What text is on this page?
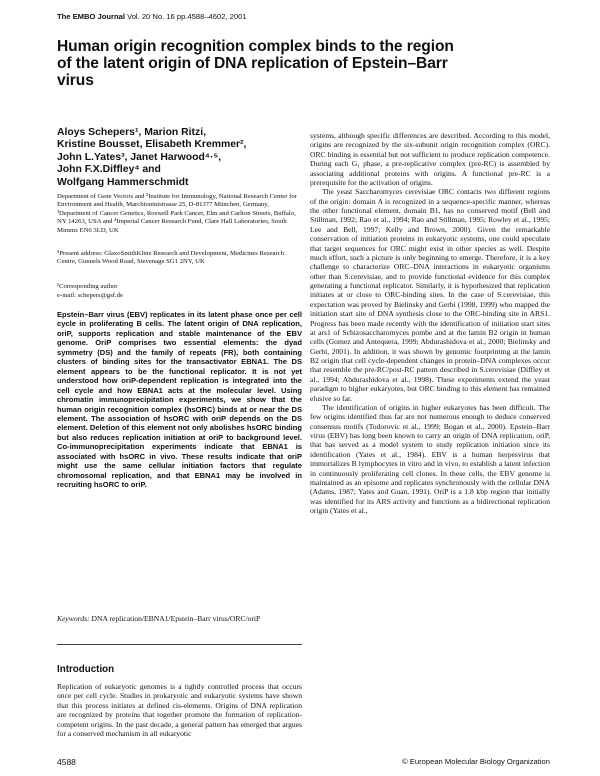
The EMBO Journal Vol. 20 No. 16 pp.4588–4602, 2001
Human origin recognition complex binds to the region of the latent origin of DNA replication of Epstein–Barr virus
Aloys Schepers¹, Marion Ritzi,
Kristine Bousset, Elisabeth Kremmer²,
John L.Yates³, Janet Harwood⁴·⁵,
John F.X.Diffley⁴ and
Wolfgang Hammerschmidt

Department of Gene Vectors and ²Institute for Immunology, National Research Center for Environment and Health, Marchioninistrasse 25, D-81377 München, Germany, ³Department of Cancer Genetics, Roswell Park Cancer, Elm and Carlton Streets, Buffalo, NY 14263, USA and ⁴Imperial Cancer Research Fund, Clare Hall Laboratories, South Mimms EN6 3LD, UK

⁵Present address: GlaxoSmithKline Research and Development, Medicines Research Centre, Gunnels Wood Road, Stevenage SG1 2NY, UK

¹Corresponding author

e-mail: schepers@gsf.de

Epstein–Barr virus (EBV) replicates in its latent phase once per cell cycle in proliferating B cells. The latent origin of DNA replication, oriP, supports replication and stable maintenance of the EBV genome. OriP comprises two essential elements: the dyad symmetry (DS) and the family of repeats (FR), both containing clusters of binding sites for the transactivator EBNA1. The DS element appears to be the functional replicator. It is not yet understood how oriP-dependent replication is integrated into the cell cycle and how EBNA1 acts at the molecular level. Using chromatin immunoprecipitation experiments, we show that the human origin recognition complex (hsORC) binds at or near the DS element. The association of hsORC with oriP depends on the DS element. Deletion of this element not only abolishes hsORC binding but also reduces replication initiation at oriP to background level. Co-immunoprecipitation experiments indicate that EBNA1 is associated with hsORC in vivo. These results indicate that oriP might use the same cellular initiation factors that regulate chromosomal replication, and that EBNA1 may be involved in recruiting hsORC to oriP.

Keywords: DNA replication/EBNA1/Epstein–Barr virus/ORC/oriP

Introduction

Replication of eukaryotic genomes is a tightly controlled process that occurs once per cell cycle. Studies in prokaryotic and eukaryotic systems have shown that this process initiates at defined cis-elements. Origins of DNA replication are recognized by proteins that together promote the formation of replication-competent origins. In the past decade, a general pattern has emerged that argues for a conserved mechanism in all eukaryotic

systems, although specific differences are described. According to this model, origins are recognized by the six-subunit origin recognition complex (ORC). ORC binding is essential but not sufficient to produce replication competence. During each G₁ phase, a pre-replicative complex (pre-RC) is assembled by associating additional proteins with origins. A functional pre-RC is a prerequisite for the activation of origins.

The yeast Saccharomyces cerevisiae ORC contacts two different regions of the origin: domain A is recognized in a sequence-specific manner, whereas the other functional element, domain B1, has no conserved motif (Bell and Stillman, 1992; Rao et al., 1994; Rao and Stillman, 1995; Rowley et al., 1995; Lee and Bell, 1997; Kelly and Brown, 2000). Given the remarkable conservation of initiation proteins in eukaryotic systems, one could speculate that target sequences for ORC might exist in other species as well. Despite much effort, such a picture is only beginning to emerge. Therefore, it is a key challenge to characterize ORC–DNA interactions in eukaryotic organisms other than S.cerevisiae, and to provide functional evidence for this complex generating a functional replicator. Similarly, it is hypothesized that replication initiates at or close to ORC-binding sites. In the case of S.cerevisiae, this expectation was proved by Bielinsky and Gerbi (1998, 1999) who mapped the initiation start site of DNA synthesis close to the ORC-binding site in ARS1. Progress has been made recently with the identification of initiation start sites at ars1 of Schizosaccharomyces pombe and at the lamin B2 origin in human cells (Gomez and Antequera, 1999; Abdurashidova et al., 2000; Bielinsky and Gerbi, 2001). In addition, it was shown by genomic footprinting at the lamin B2 origin that cell cycle-dependent changes in protein–DNA complexes occur that resemble the pre-RC/post-RC pattern described in S.cerevisiae (Diffley et al., 1994; Abdurashidova et al., 1998). These experiments extend the yeast paradigm to higher eukaryotes, but ORC binding to this element has remained elusive so far.

The identification of origins in higher eukaryotes has been difficult. The few origins identified thus far are not numerous enough to deduce conserved consensus motifs (Todorovic et al., 1999; Bogan et al., 2000). Epstein–Barr virus (EBV) has long been known to carry an origin of DNA replication, oriP, that has served as a model system to study replication initiation since its identification (Yates et al., 1984). EBV is a human herpesvirus that immortalizes B lymphocytes in vitro and in vivo, to establish a latent infection in continuously proliferating cell clones. In these cells, the EBV genome is maintained as an episome and replicates synchronously with the cellular DNA (Adams, 1987; Yates and Guan, 1991). OriP is a 1.8 kbp region that initially was identified for its ARS activity and functions as a bidirectional replication origin (Yates et al.,

4588	© European Molecular Biology Organization
